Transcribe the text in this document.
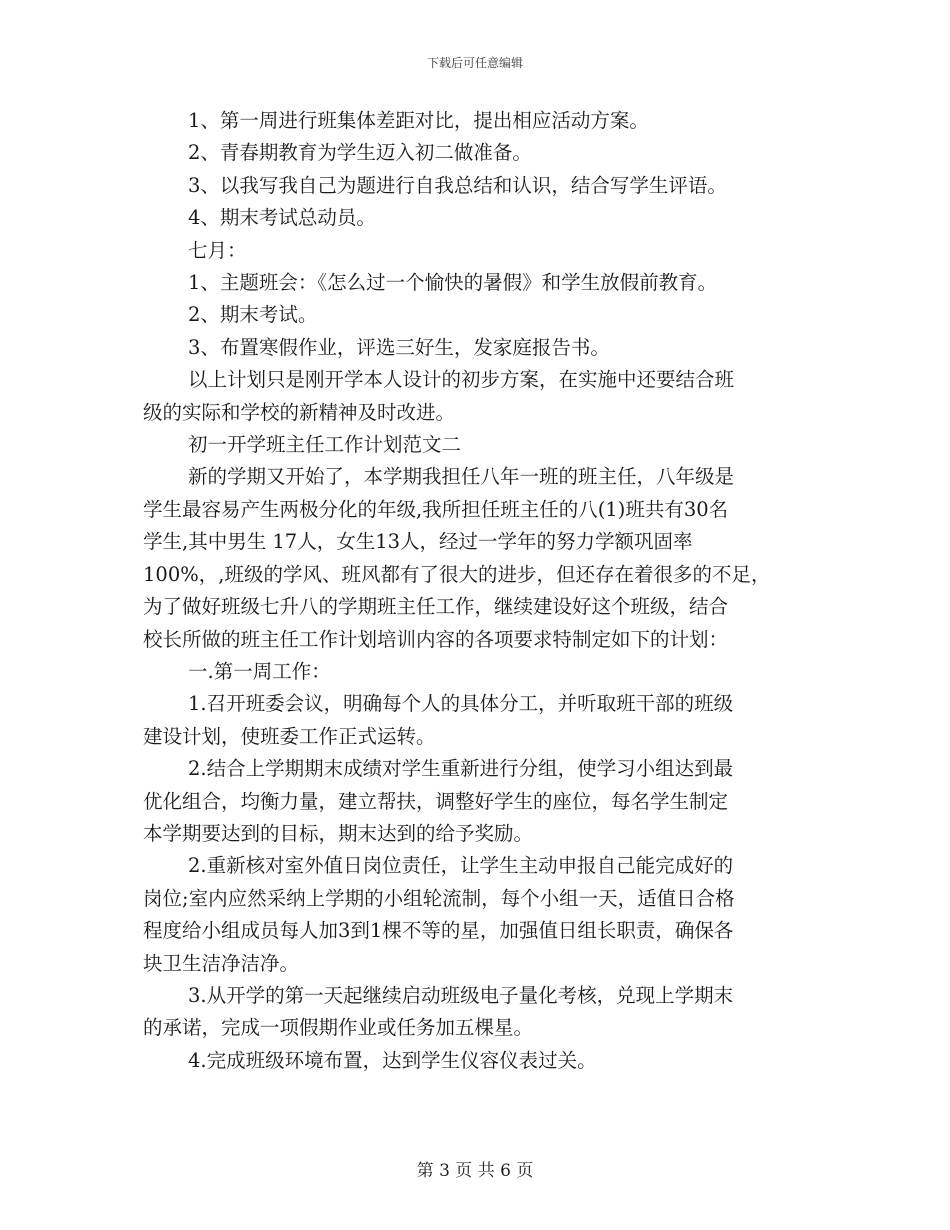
下载后可任意编辑

1、第一周进行班集体差距对比，提出相应活动方案。

2、青春期教育为学生迈入初二做准备。

3、以我写我自己为题进行自我总结和认识，结合写学生评语。

4、期末考试总动员。

七月：

1、主题班会：《怎么过一个愉快的暑假》和学生放假前教育。

2、期末考试。

3、布置寒假作业，评选三好生，发家庭报告书。

以上计划只是刚开学本人设计的初步方案，在实施中还要结合班

级的实际和学校的新精神及时改进。

初一开学班主任工作计划范文二

新的学期又开始了，本学期我担任八年一班的班主任，八年级是

学生最容易产生两极分化的年级,我所担任班主任的八(1)班共有30名

学生,其中男生 17人，女生13人，经过一学年的努力学额巩固率

100%，,班级的学风、班风都有了很大的进步，但还存在着很多的不足，

为了做好班级七升八的学期班主任工作，继续建设好这个班级，结合

校长所做的班主任工作计划培训内容的各项要求特制定如下的计划：

一.第一周工作：

1.召开班委会议，明确每个人的具体分工，并听取班干部的班级

建设计划，使班委工作正式运转。

2.结合上学期期末成绩对学生重新进行分组，使学习小组达到最

优化组合，均衡力量，建立帮扶，调整好学生的座位，每名学生制定

本学期要达到的目标，期末达到的给予奖励。

2.重新核对室外值日岗位责任，让学生主动申报自己能完成好的

岗位;室内应然采纳上学期的小组轮流制，每个小组一天，适值日合格

程度给小组成员每人加3到1棵不等的星，加强值日组长职责，确保各

块卫生洁净洁净。

3.从开学的第一天起继续启动班级电子量化考核，兑现上学期末

的承诺，完成一项假期作业或任务加五棵星。

4.完成班级环境布置，达到学生仪容仪表过关。

第 3 页 共 6 页
